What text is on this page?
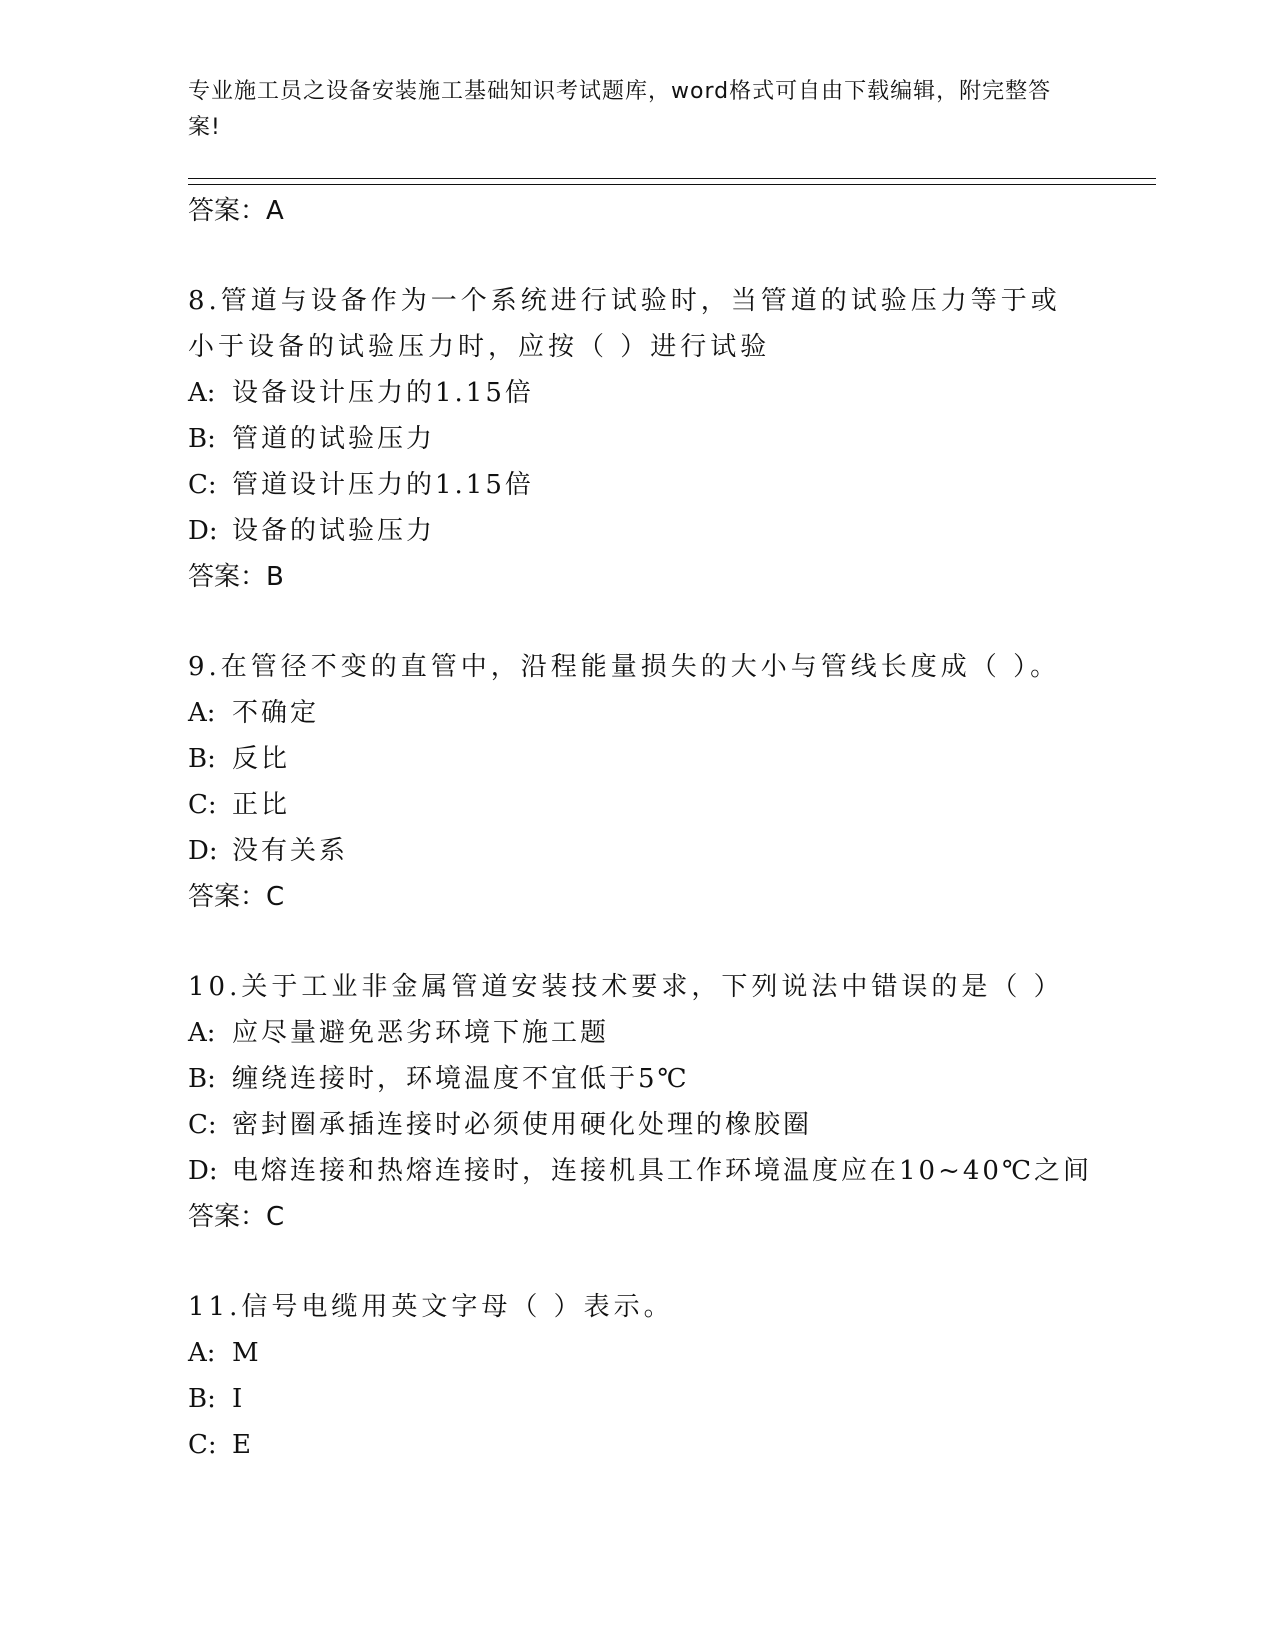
专业施工员之设备安装施工基础知识考试题库，word格式可自由下载编辑，附完整答案!

答案：A

8.管道与设备作为一个系统进行试验时，当管道的试验压力等于或小于设备的试验压力时，应按（ ）进行试验

A: 设备设计压力的1.15倍

B: 管道的试验压力

C: 管道设计压力的1.15倍

D: 设备的试验压力

答案：B

9.在管径不变的直管中，沿程能量损失的大小与管线长度成（ ）。

A: 不确定

B: 反比

C: 正比

D: 没有关系

答案：C

10.关于工业非金属管道安装技术要求，下列说法中错误的是（ ）

A: 应尽量避免恶劣环境下施工题

B: 缠绕连接时，环境温度不宜低于5℃

C: 密封圈承插连接时必须使用硬化处理的橡胶圈

D: 电熔连接和热熔连接时，连接机具工作环境温度应在10~40℃之间

答案：C

11.信号电缆用英文字母（ ）表示。

A: M

B: I

C: E
